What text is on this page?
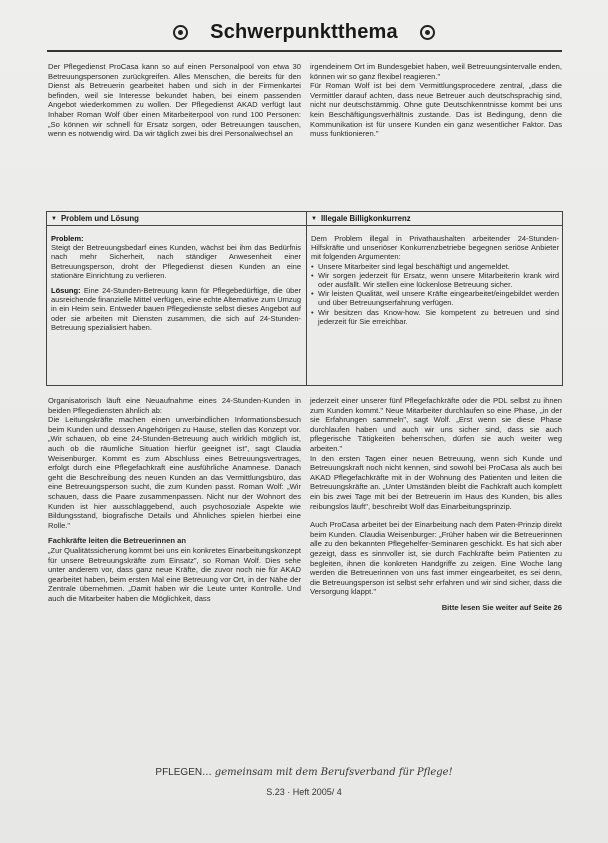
Schwerpunktthema

Der Pflegedienst ProCasa kann so auf einen Personalpool von etwa 30 Betreuungspersonen zurückgreifen. Alles Menschen, die bereits für den Dienst als Betreuerin gearbeitet haben und sich in der Firmenkartei befinden, weil sie Interesse bekundet haben, bei einem passenden Angebot wiederkommen zu wollen. Der Pflegedienst AKAD verfügt laut Inhaber Roman Wolf über einen Mitarbeiterpool von rund 100 Personen: „So können wir schnell für Ersatz sorgen, oder Betreuungen tauschen, wenn es notwendig wird. Da wir täglich zwei bis drei Personalwechsel an

irgendeinem Ort im Bundesgebiet haben, weil Betreuungsintervalle enden, können wir so ganz flexibel reagieren."

Für Roman Wolf ist bei dem Vermittlungsprocedere zentral, „dass die Vermittler darauf achten, dass neue Betreuer auch deutschsprachig sind, nicht nur deutschstämmig. Ohne gute Deutschkenntnisse kommt bei uns kein Beschäftigungsverhältnis zustande. Das ist Bedingung, denn die Kommunikation ist für unsere Kunden ein ganz wesentlicher Faktor. Das muss funktionieren."

▼ Problem und Lösung	▼ Illegale Billigkonkurrenz

Problem:

Steigt der Betreuungsbedarf eines Kunden, wächst bei ihm das Bedürfnis nach mehr Sicherheit, nach ständiger Anwesenheit einer Betreuungsperson, droht der Pflegedienst diesen Kunden an eine stationäre Einrichtung zu verlieren.

Lösung: Eine 24-Stunden-Betreuung kann für Pflegebedürftige, die über ausreichende finanzielle Mittel verfügen, eine echte Alternative zum Umzug in ein Heim sein. Entweder bauen Pflegedienste selbst dieses Angebot auf oder sie arbeiten mit Diensten zusammen, die sich auf 24-Stunden-Betreuung spezialisiert haben.

Dem Problem illegal in Privathaushalten arbeitender 24-Stunden-Hilfskräfte und unseriöser Konkurrenzbetriebe begegnen seriöse Anbieter mit folgenden Argumenten:

• Unsere Mitarbeiter sind legal beschäftigt und angemeldet.
• Wir sorgen jederzeit für Ersatz, wenn unsere Mitarbeiterin krank wird oder ausfällt. Wir stellen eine lückenlose Betreuung sicher.
• Wir leisten Qualität, weil unsere Kräfte eingearbeitet/eingebildet werden und über Betreuungserfahrung verfügen.
• Wir besitzen das Know-how. Sie kompetent zu betreuen und sind jederzeit für Sie erreichbar.

Organisatorisch läuft eine Neuaufnahme eines 24-Stunden-Kunden in beiden Pflegediensten ähnlich ab:

Die Leitungskräfte machen einen unverbindlichen Informationsbesuch beim Kunden und dessen Angehörigen zu Hause, stellen das Konzept vor. „Wir schauen, ob eine 24-Stunden-Betreuung auch wirklich möglich ist, auch ob die räumliche Situation hierfür geeignet ist", sagt Claudia Weisenburger. Kommt es zum Abschluss eines Betreuungsvertrages, erfolgt durch eine Pflegefachkraft eine ausführliche Anamnese. Danach geht die Beschreibung des neuen Kunden an das Vermittlungsbüro, das eine Betreuungsperson sucht, die zum Kunden passt. Roman Wolf: „Wir schauen, dass die Paare zusammenpassen. Nicht nur der Wohnort des Kunden ist hier ausschlaggebend, auch psychosoziale Aspekte wie Bildungsstand, biografische Details und Ähnliches spielen hierbei eine Rolle."

Fachkräfte leiten die Betreuerinnen an

„Zur Qualitätssicherung kommt bei uns ein konkretes Einarbeitungskonzept für unsere Betreuungskräfte zum Einsatz", so Roman Wolf. Dies sehe unter anderem vor, dass ganz neue Kräfte, die zuvor noch nie für AKAD gearbeitet haben, beim ersten Mal eine Betreuung vor Ort, in der Nähe der Zentrale übernehmen. „Damit haben wir die Leute unter Kontrolle. Und auch die Mitarbeiter haben die Möglichkeit, dass

jederzeit einer unserer fünf Pflegefachkräfte oder die PDL selbst zu ihnen zum Kunden kommt." Neue Mitarbeiter durchlaufen so eine Phase, „in der sie Erfahrungen sammeln", sagt Wolf. „Erst wenn sie diese Phase durchlaufen haben und auch wir uns sicher sind, dass sie auch pflegerische Tätigkeiten beherrschen, dürfen sie auch weiter weg arbeiten."

In den ersten Tagen einer neuen Betreuung, wenn sich Kunde und Betreuungskraft noch nicht kennen, sind sowohl bei ProCasa als auch bei AKAD Pflegefachkräfte mit in der Wohnung des Patienten und leiten die Betreuungskräfte an. „Unter Umständen bleibt die Fachkraft auch komplett ein bis zwei Tage mit bei der Betreuerin im Haus des Kunden, bis alles reibungslos läuft", beschreibt Wolf das Einarbeitungsprinzip.

Auch ProCasa arbeitet bei der Einarbeitung nach dem Paten-Prinzip direkt beim Kunden. Claudia Weisenburger: „Früher haben wir die Betreuerinnen alle zu den bekannten Pflegehelfer-Seminaren geschickt. Es hat sich aber gezeigt, dass es sinnvoller ist, sie durch Fachkräfte beim Patienten zu begleiten, ihnen die konkreten Handgriffe zu zeigen. Eine Woche lang werden die Betreuerinnen von uns fast immer eingearbeitet, es sei denn, die Betreuungsperson ist selbst sehr erfahren und wir sind sicher, dass die Versorgung klappt."

Bitte lesen Sie weiter auf Seite 26

PFLEGEN... gemeinsam mit dem Berufsverband für Pflege!
S.23 · Heft 2005/ 4
